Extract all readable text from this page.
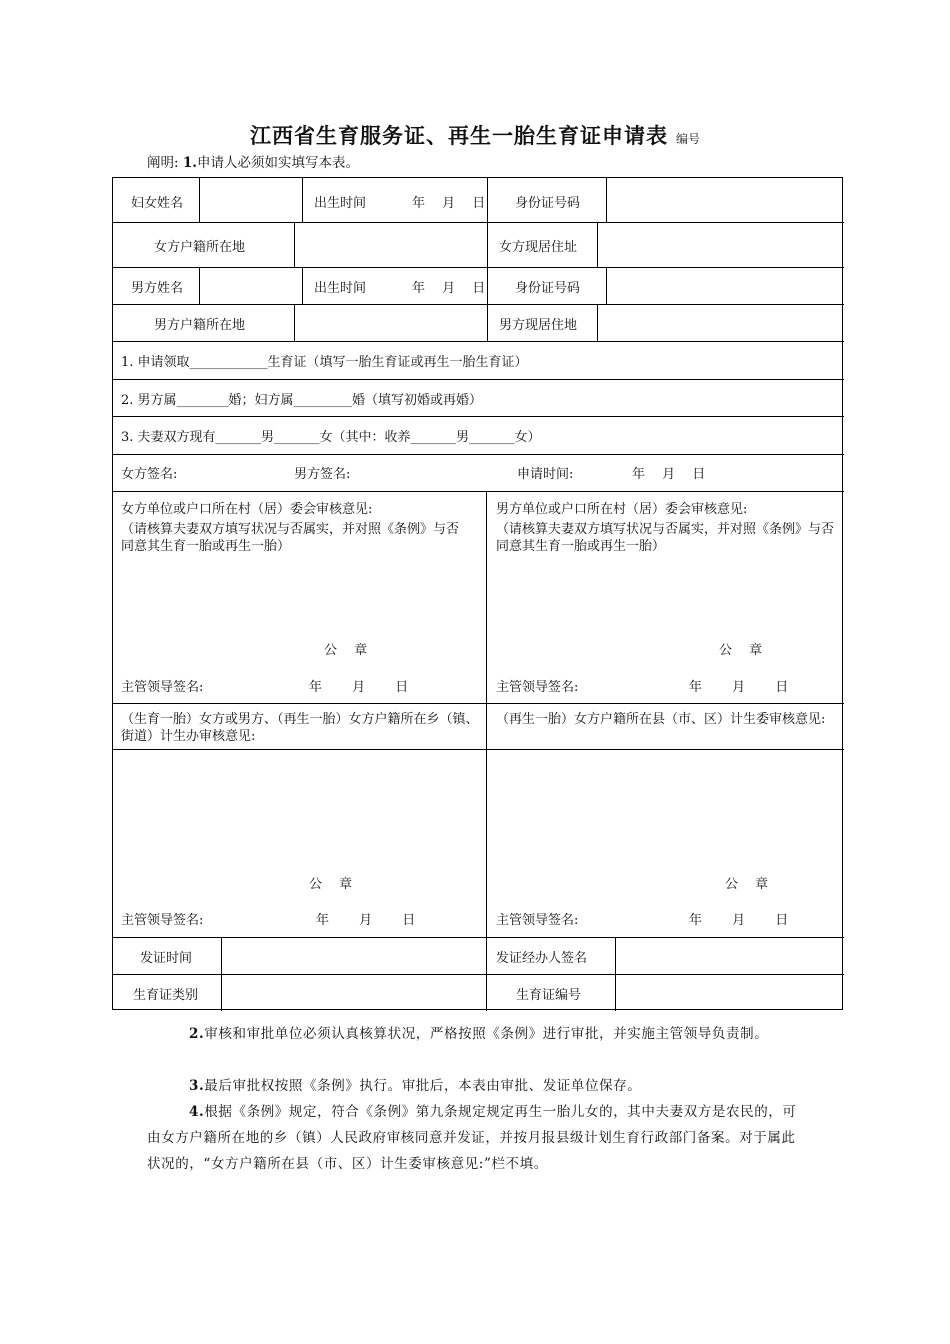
江西省生育服务证、再生一胎生育证申请表 编号
阐明: 1.申请人必须如实填写本表。
妇女姓名	出生时间	年　 月　 日 身份证号码
女方户籍所在地	女方现居住址
男方姓名	出生时间	年　 月　 日 身份证号码
男方户籍所在地	男方现居住地
1. 申请领取____________生育证（填写一胎生育证或再生一胎生育证）
2. 男方属________婚；妇方属_________婚（填写初婚或再婚）
3. 夫妻双方现有_______男_______女（其中：收养_______男_______女）
女方签名:	男方签名:	申请时间:	年　 月　 日
女方单位或户口所在村（居）委会审核意见:
（请核算夫妻双方填写状况与否属实，并对照《条例》与否同意其生育一胎或再生一胎）
公　 章
主管领导签名:	年　　 月　　 日
男方单位或户口所在村（居）委会审核意见:
（请核算夫妻双方填写状况与否属实，并对照《条例》与否同意其生育一胎或再生一胎）
公　 章
主管领导签名:	年　　 月　　 日
（生育一胎）女方或男方、（再生一胎）女方户籍所在乡（镇、街道）计生办审核意见:
（再生一胎）女方户籍所在县（市、区）计生委审核意见:
公　 章
主管领导签名:	年　　 月　　 日
公　 章
主管领导签名:	年　　 月　　 日
发证时间	发证经办人签名
生育证类别	生育证编号
2.审核和审批单位必须认真核算状况，严格按照《条例》进行审批，并实施主管领导负责制。
3.最后审批权按照《条例》执行。审批后，本表由审批、发证单位保存。
4.根据《条例》规定，符合《条例》第九条规定规定再生一胎儿女的，其中夫妻双方是农民的，可由女方户籍所在地的乡（镇）人民政府审核同意并发证，并按月报县级计划生育行政部门备案。对于属此状况的，“女方户籍所在县（市、区）计生委审核意见:”栏不填。
